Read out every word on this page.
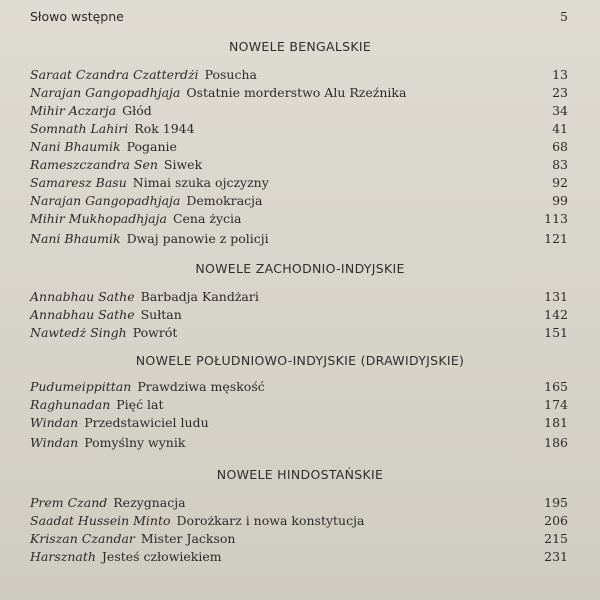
Słowo wstępne	5
NOWELE BENGALSKIE
Saraat Czandra Czatterdżi Posucha	13
Narajan Gangopadhjaja Ostatnie morderstwo Alu Rzeźnika	23
Mihir Aczarja Głód	34
Somnath Lahiri Rok 1944	41
Nani Bhaumik Poganie	68
Rameszczandra Sen Siwek	83
Samaresz Basu Nimai szuka ojczyzny	92
Narajan Gangopadhjaja Demokracja	99
Mihir Mukhopadhjaja Cena życia	113
Nani Bhaumik Dwaj panowie z policji	121
NOWELE ZACHODNIO-INDYJSKIE
Annabhau Sathe Barbadja Kandżari	131
Annabhau Sathe Sułtan	142
Nawtedż Singh Powrót	151
NOWELE POŁUDNIOWO-INDYJSKIE (DRAWIDYJSKIE)
Pudumeippittan Prawdziwa męskość	165
Raghunadan Pięć lat	174
Windan Przedstawiciel ludu	181
Windan Pomyślny wynik	186
NOWELE HINDOSTAŃSKIE
Prem Czand Rezygnacja	195
Saadat Hussein Minto Dorożkarz i nowa konstytucja	206
Kriszan Czandar Mister Jackson	215
Harsznath Jesteś człowiekiem	231
